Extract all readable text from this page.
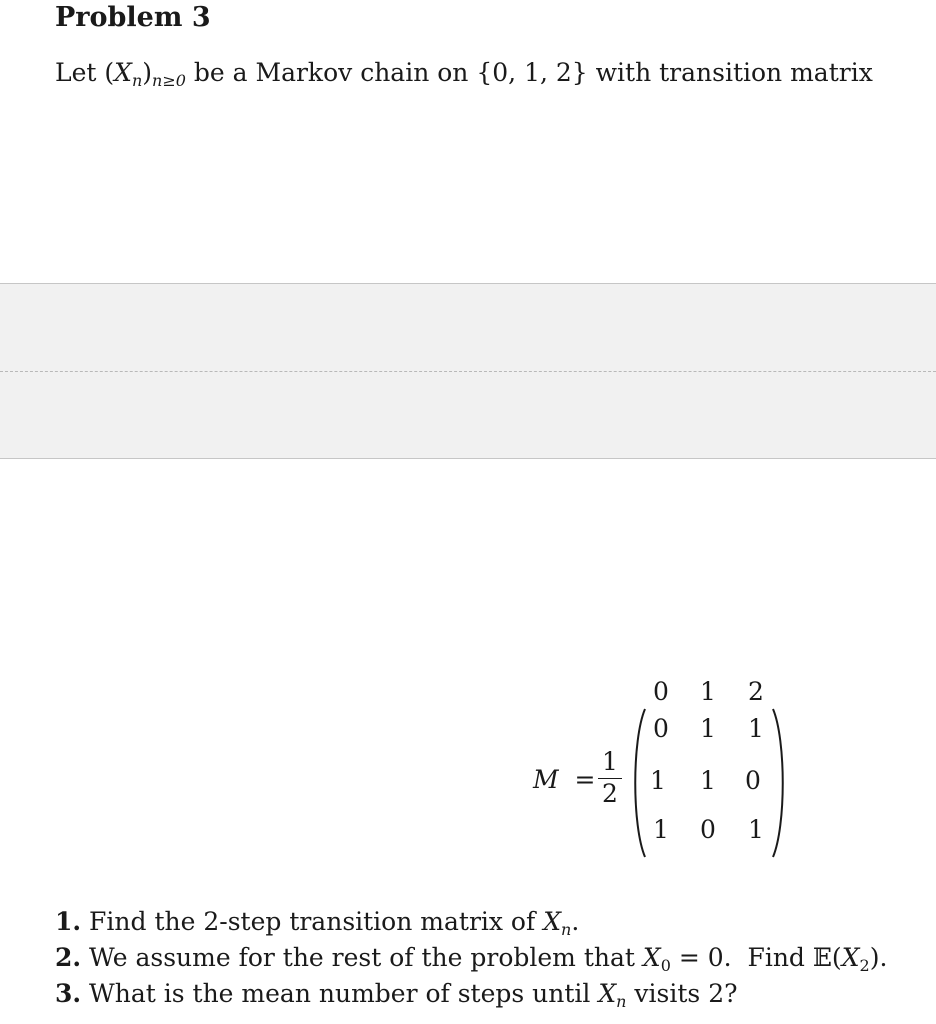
Problem 3
Let $(X_n)_{n\ge 0}$ be a Markov chain on {0, 1, 2} with transition matrix
M =
1
2
0 1 2
0 1 1
1 1 0
1 0 1
1. Find the 2-step transition matrix of $X_n$.
2. We assume for the rest of the problem that $X_0 = 0$.  Find $𝔼(X_2)$.
3. What is the mean number of steps until $X_n$ visits 2?
